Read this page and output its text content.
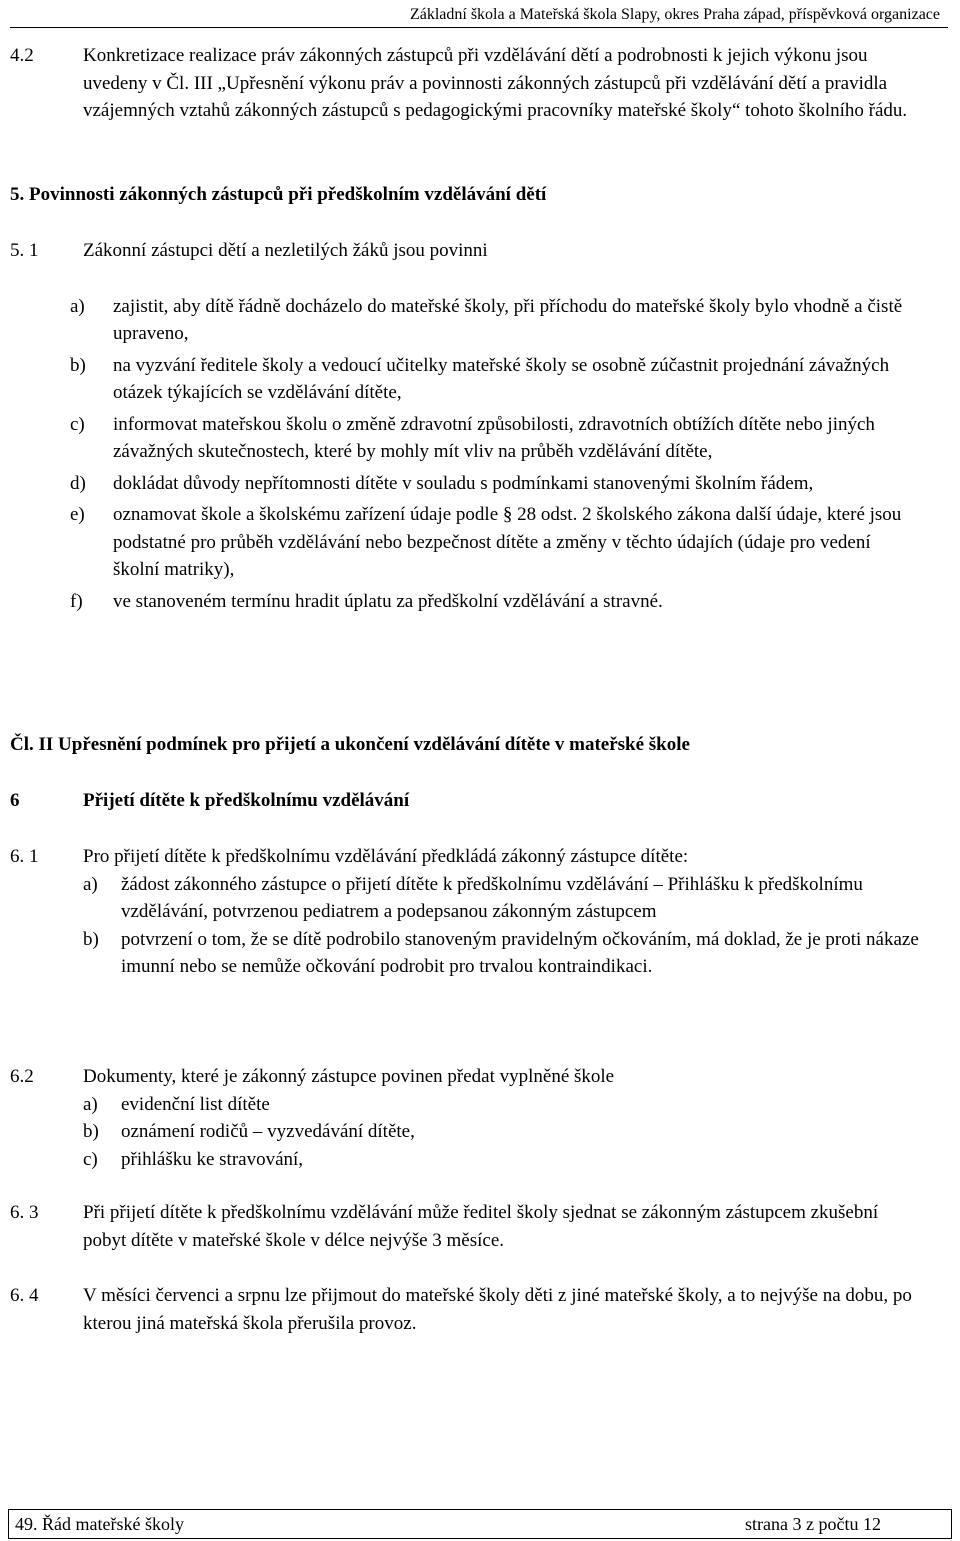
Základní škola a Mateřská škola Slapy, okres Praha západ, příspěvková organizace
4.2	Konkretizace realizace práv zákonných zástupců při vzdělávání dětí a podrobnosti k jejich výkonu jsou uvedeny v Čl. III „Upřesnění výkonu práv a povinnosti zákonných zástupců při vzdělávání dětí a pravidla vzájemných vztahů zákonných zástupců s pedagogickými pracovníky mateřské školy“ tohoto školního řádu.
5. Povinnosti zákonných zástupců při předškolním vzdělávání dětí
5. 1	Zákonní zástupci dětí a nezletilých žáků jsou povinni
a)	zajistit, aby dítě řádně docházelo do mateřské školy, při příchodu do mateřské školy bylo vhodně a čistě upraveno,
b)	na vyzvání ředitele školy a vedoucí učitelky mateřské školy se osobně zúčastnit projednání závažných otázek týkajících se vzdělávání dítěte,
c)	informovat mateřskou školu o změně zdravotní způsobilosti, zdravotních obtížích dítěte nebo jiných závažných skutečnostech, které by mohly mít vliv na průběh vzdělávání dítěte,
d)	dokládat důvody nepřítomnosti dítěte v souladu s podmínkami stanovenými školním řádem,
e)	oznamovat škole a školskému zařízení údaje podle § 28 odst. 2 školského zákona další údaje, které jsou podstatné pro průběh vzdělávání nebo bezpečnost dítěte a změny v těchto údajích (údaje pro vedení školní matriky),
f)	ve stanoveném termínu hradit úplatu za předškolní vzdělávání a stravné.
Čl. II Upřesnění podmínek pro přijetí a ukončení vzdělávání dítěte v mateřské škole
6	Přijetí dítěte k předškolnímu vzdělávání
6. 1	Pro přijetí dítěte k předškolnímu vzdělávání předkládá zákonný zástupce dítěte:
a)	žádost zákonného zástupce o přijetí dítěte k předškolnímu vzdělávání – Přihlášku k předškolnímu vzdělávání, potvrzenou pediatrem a podepsanou zákonným zástupcem
b)	potvrzení o tom, že se dítě podrobilo stanoveným pravidelným očkováním, má doklad, že je proti nákaze imunní nebo se nemůže očkování podrobit pro trvalou kontraindikaci.
6.2	Dokumenty, které je zákonný zástupce povinen předat vyplněné škole
a)	evidenční list dítěte
b)	oznámení rodičů – vyzvedávání dítěte,
c)	přihlášku ke stravování,
6. 3	Při přijetí dítěte k předškolnímu vzdělávání může ředitel školy sjednat se zákonným zástupcem zkušební pobyt dítěte v mateřské škole v délce nejvýše 3 měsíce.
6. 4	V měsíci červenci a srpnu lze přijmout do mateřské školy děti z jiné mateřské školy, a to nejvýše na dobu, po kterou jiná mateřská škola přerušila provoz.
49. Řád mateřské školy	strana 3 z počtu 12
